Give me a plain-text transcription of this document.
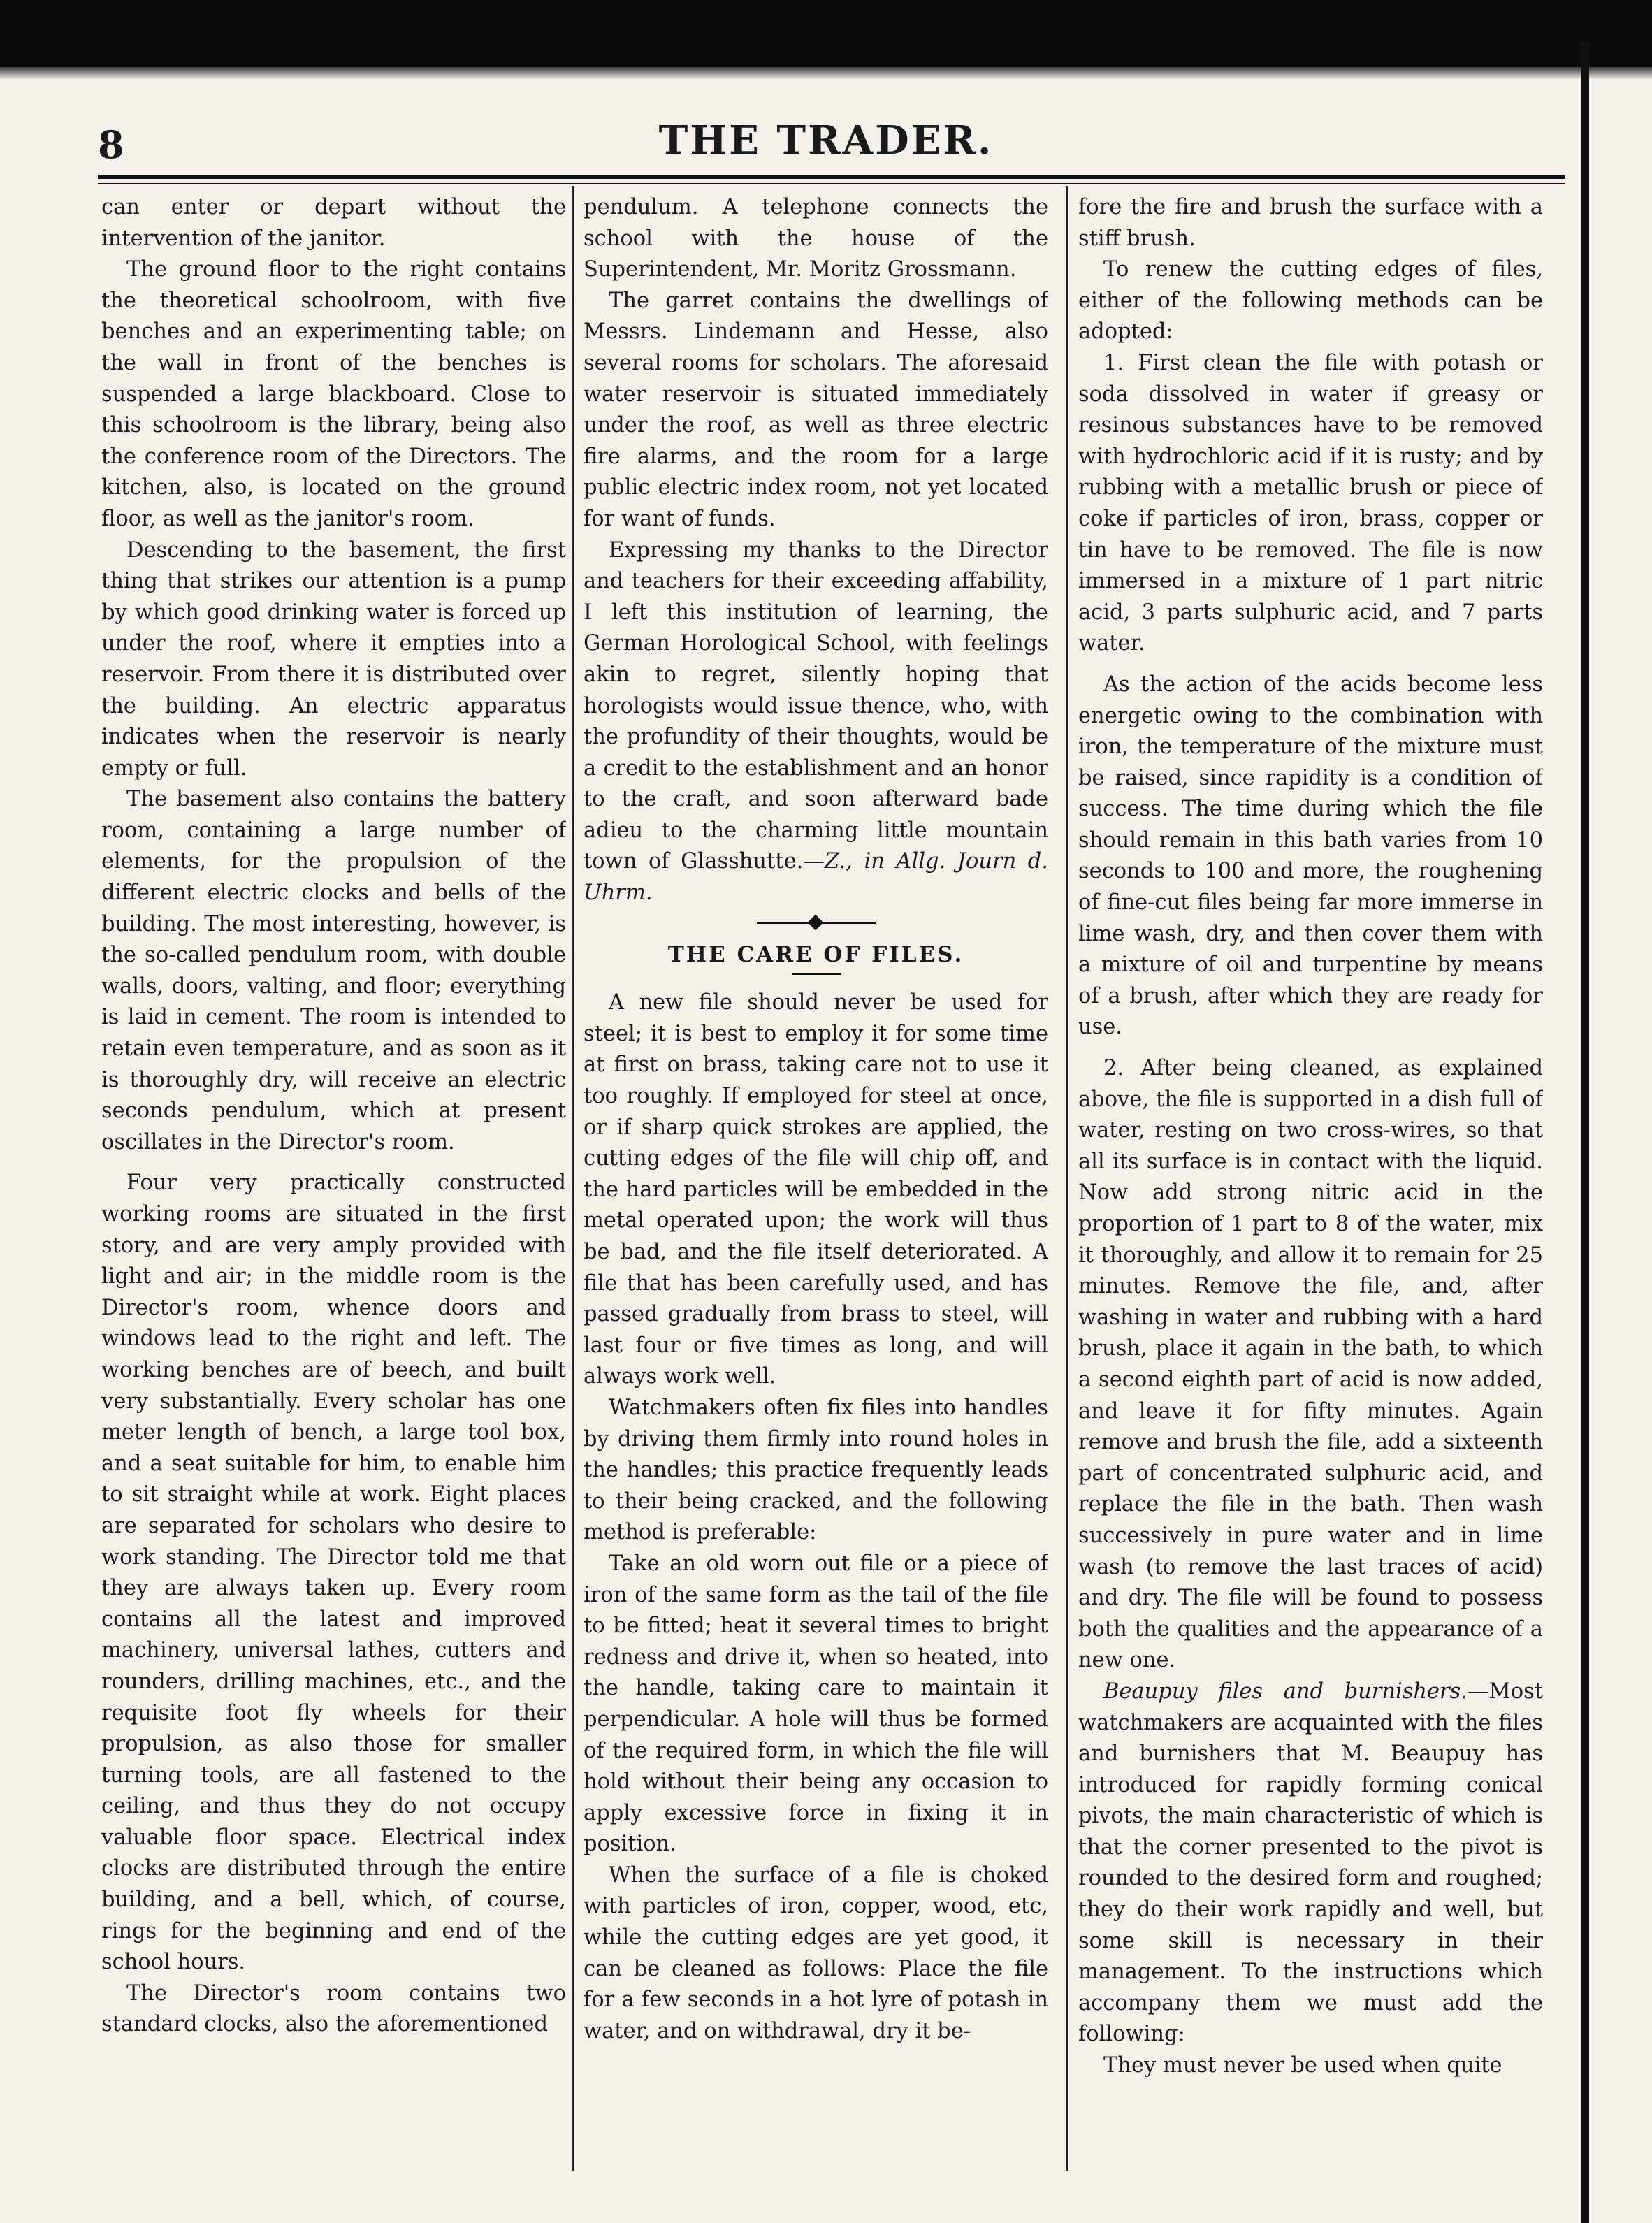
8	THE TRADER.

can enter or depart without the intervention of the janitor.

The ground floor to the right contains the theoretical schoolroom, with five benches and an experimenting table; on the wall in front of the benches is suspended a large blackboard. Close to this schoolroom is the library, being also the conference room of the Directors. The kitchen, also, is located on the ground floor, as well as the janitor's room.

Descending to the basement, the first thing that strikes our attention is a pump by which good drinking water is forced up under the roof, where it empties into a reservoir. From there it is distributed over the building. An electric apparatus indicates when the reservoir is nearly empty or full.

The basement also contains the battery room, containing a large number of elements, for the propulsion of the different electric clocks and bells of the building. The most interesting, however, is the so-called pendulum room, with double walls, doors, valting, and floor; everything is laid in cement. The room is intended to retain even temperature, and as soon as it is thoroughly dry, will receive an electric seconds pendulum, which at present oscillates in the Director's room.

Four very practically constructed working rooms are situated in the first story, and are very amply provided with light and air; in the middle room is the Director's room, whence doors and windows lead to the right and left. The working benches are of beech, and built very substantially. Every scholar has one meter length of bench, a large tool box, and a seat suitable for him, to enable him to sit straight while at work. Eight places are separated for scholars who desire to work standing. The Director told me that they are always taken up. Every room contains all the latest and improved machinery, universal lathes, cutters and rounders, drilling machines, etc., and the requisite foot fly wheels for their propulsion, as also those for smaller turning tools, are all fastened to the ceiling, and thus they do not occupy valuable floor space. Electrical index clocks are distributed through the entire building, and a bell, which, of course, rings for the beginning and end of the school hours.

The Director's room contains two standard clocks, also the aforementioned

pendulum. A telephone connects the school with the house of the Superintendent, Mr. Moritz Grossmann.

The garret contains the dwellings of Messrs. Lindemann and Hesse, also several rooms for scholars. The aforesaid water reservoir is situated immediately under the roof, as well as three electric fire alarms, and the room for a large public electric index room, not yet located for want of funds.

Expressing my thanks to the Director and teachers for their exceeding affability, I left this institution of learning, the German Horological School, with feelings akin to regret, silently hoping that horologists would issue thence, who, with the profundity of their thoughts, would be a credit to the establishment and an honor to the craft, and soon afterward bade adieu to the charming little mountain town of Glasshutte.—Z., in Allg. Journ d. Uhrm.

THE CARE OF FILES.

A new file should never be used for steel; it is best to employ it for some time at first on brass, taking care not to use it too roughly. If employed for steel at once, or if sharp quick strokes are applied, the cutting edges of the file will chip off, and the hard particles will be embedded in the metal operated upon; the work will thus be bad, and the file itself deteriorated. A file that has been carefully used, and has passed gradually from brass to steel, will last four or five times as long, and will always work well.

Watchmakers often fix files into handles by driving them firmly into round holes in the handles; this practice frequently leads to their being cracked, and the following method is preferable:

Take an old worn out file or a piece of iron of the same form as the tail of the file to be fitted; heat it several times to bright redness and drive it, when so heated, into the handle, taking care to maintain it perpendicular. A hole will thus be formed of the required form, in which the file will hold without their being any occasion to apply excessive force in fixing it in position.

When the surface of a file is choked with particles of iron, copper, wood, etc, while the cutting edges are yet good, it can be cleaned as follows: Place the file for a few seconds in a hot lyre of potash in water, and on withdrawal, dry it be-

fore the fire and brush the surface with a stiff brush.

To renew the cutting edges of files, either of the following methods can be adopted:

1. First clean the file with potash or soda dissolved in water if greasy or resinous substances have to be removed with hydrochloric acid if it is rusty; and by rubbing with a metallic brush or piece of coke if particles of iron, brass, copper or tin have to be removed. The file is now immersed in a mixture of 1 part nitric acid, 3 parts sulphuric acid, and 7 parts water.

As the action of the acids become less energetic owing to the combination with iron, the temperature of the mixture must be raised, since rapidity is a condition of success. The time during which the file should remain in this bath varies from 10 seconds to 100 and more, the roughening of fine-cut files being far more immerse in lime wash, dry, and then cover them with a mixture of oil and turpentine by means of a brush, after which they are ready for use.

2. After being cleaned, as explained above, the file is supported in a dish full of water, resting on two cross-wires, so that all its surface is in contact with the liquid. Now add strong nitric acid in the proportion of 1 part to 8 of the water, mix it thoroughly, and allow it to remain for 25 minutes. Remove the file, and, after washing in water and rubbing with a hard brush, place it again in the bath, to which a second eighth part of acid is now added, and leave it for fifty minutes. Again remove and brush the file, add a sixteenth part of concentrated sulphuric acid, and replace the file in the bath. Then wash successively in pure water and in lime wash (to remove the last traces of acid) and dry. The file will be found to possess both the qualities and the appearance of a new one.

Beaupuy files and burnishers.—Most watchmakers are acquainted with the files and burnishers that M. Beaupuy has introduced for rapidly forming conical pivots, the main characteristic of which is that the corner presented to the pivot is rounded to the desired form and roughed; they do their work rapidly and well, but some skill is necessary in their management. To the instructions which accompany them we must add the following:

They must never be used when quite
